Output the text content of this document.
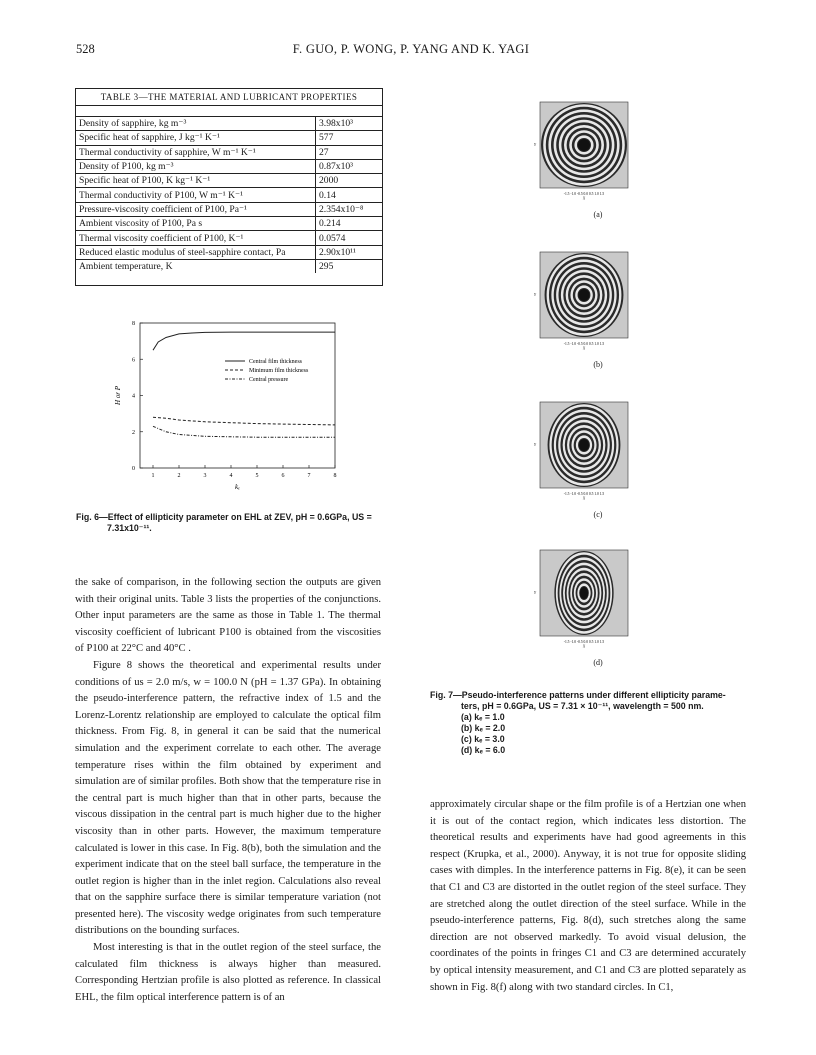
528	F. GUO, P. WONG, P. YANG AND K. YAGI
TABLE 3—THE MATERIAL AND LUBRICANT PROPERTIES
Density of sapphire, kg m⁻³	3.98x10³
Specific heat of sapphire, J kg⁻¹ K⁻¹	577
Thermal conductivity of sapphire, W m⁻¹ K⁻¹	27
Density of P100, kg m⁻³	0.87x10³
Specific heat of P100, K kg⁻¹ K⁻¹	2000
Thermal conductivity of P100, W m⁻¹ K⁻¹	0.14
Pressure-viscosity coefficient of P100, Pa⁻¹	2.354x10⁻⁸
Ambient viscosity of P100, Pa s	0.214
Thermal viscosity coefficient of P100, K⁻¹	0.0574
Reduced elastic modulus of steel-sapphire contact, Pa	2.90x10¹¹
Ambient temperature, K	295
1	2	3	4	5	6	7	8
0
2
4
6
8
kₑ
H or P
Central film thickness
Minimum film thickness
Central pressure
Fig. 6—Effect of ellipticity parameter on EHL at ZEV, pH = 0.6GPa, US =
7.31x10⁻¹¹.
-1.5 -1.0 -0.5 0.0 0.5 1.0 1.5
X
Y
(a)
-1.5 -1.0 -0.5 0.0 0.5 1.0 1.5
X
Y
(b)
-1.5 -1.0 -0.5 0.0 0.5 1.0 1.5
X
Y
(c)
-1.5 -1.0 -0.5 0.0 0.5 1.0 1.5
X
Y
(d)
Fig. 7—Pseudo-interference patterns under different ellipticity parame-
ters, pH = 0.6GPa, US = 7.31 × 10⁻¹¹, wavelength = 500 nm.
(a) kₑ = 1.0
(b) kₑ = 2.0
(c) kₑ = 3.0
(d) kₑ = 6.0

the sake of comparison, in the following section the outputs are given with their original units. Table 3 lists the properties of the conjunctions. Other input parameters are the same as those in Table 1. The thermal viscosity coefficient of lubricant P100 is obtained from the viscosities of P100 at 22°C and 40°C .

Figure 8 shows the theoretical and experimental results under conditions of us = 2.0 m/s, w = 100.0 N (pH = 1.37 GPa). In obtaining the pseudo-interference pattern, the refractive index of 1.5 and the Lorenz-Lorentz relationship are employed to calculate the optical film thickness. From Fig. 8, in general it can be said that the numerical simulation and the experiment correlate to each other. The average temperature rises within the film obtained by experiment and simulation are of similar profiles. Both show that the temperature rise in the central part is much higher than that in other parts, because the viscous dissipation in the central part is much higher due to the higher viscosity than in other parts. However, the maximum temperature calculated is lower in this case. In Fig. 8(b), both the simulation and the experiment indicate that on the steel ball surface, the temperature in the outlet region is higher than in the inlet region. Calculations also reveal that on the sapphire surface there is similar temperature variation (not presented here). The viscosity wedge originates from such temperature distributions on the bounding surfaces.

Most interesting is that in the outlet region of the steel surface, the calculated film thickness is always higher than measured. Corresponding Hertzian profile is also plotted as reference. In classical EHL, the film optical interference pattern is of an

approximately circular shape or the film profile is of a Hertzian one when it is out of the contact region, which indicates less distortion. The theoretical results and experiments have had good agreements in this respect (Krupka, et al., 2000). Anyway, it is not true for opposite sliding cases with dimples. In the interference patterns in Fig. 8(e), it can be seen that C1 and C3 are distorted in the outlet region of the steel surface. They are stretched along the outlet direction of the steel surface. While in the pseudo-interference patterns, Fig. 8(d), such stretches along the same direction are not observed markedly. To avoid visual delusion, the coordinates of the points in fringes C1 and C3 are determined accurately by optical intensity measurement, and C1 and C3 are plotted separately as shown in Fig. 8(f) along with two standard circles. In C1,
